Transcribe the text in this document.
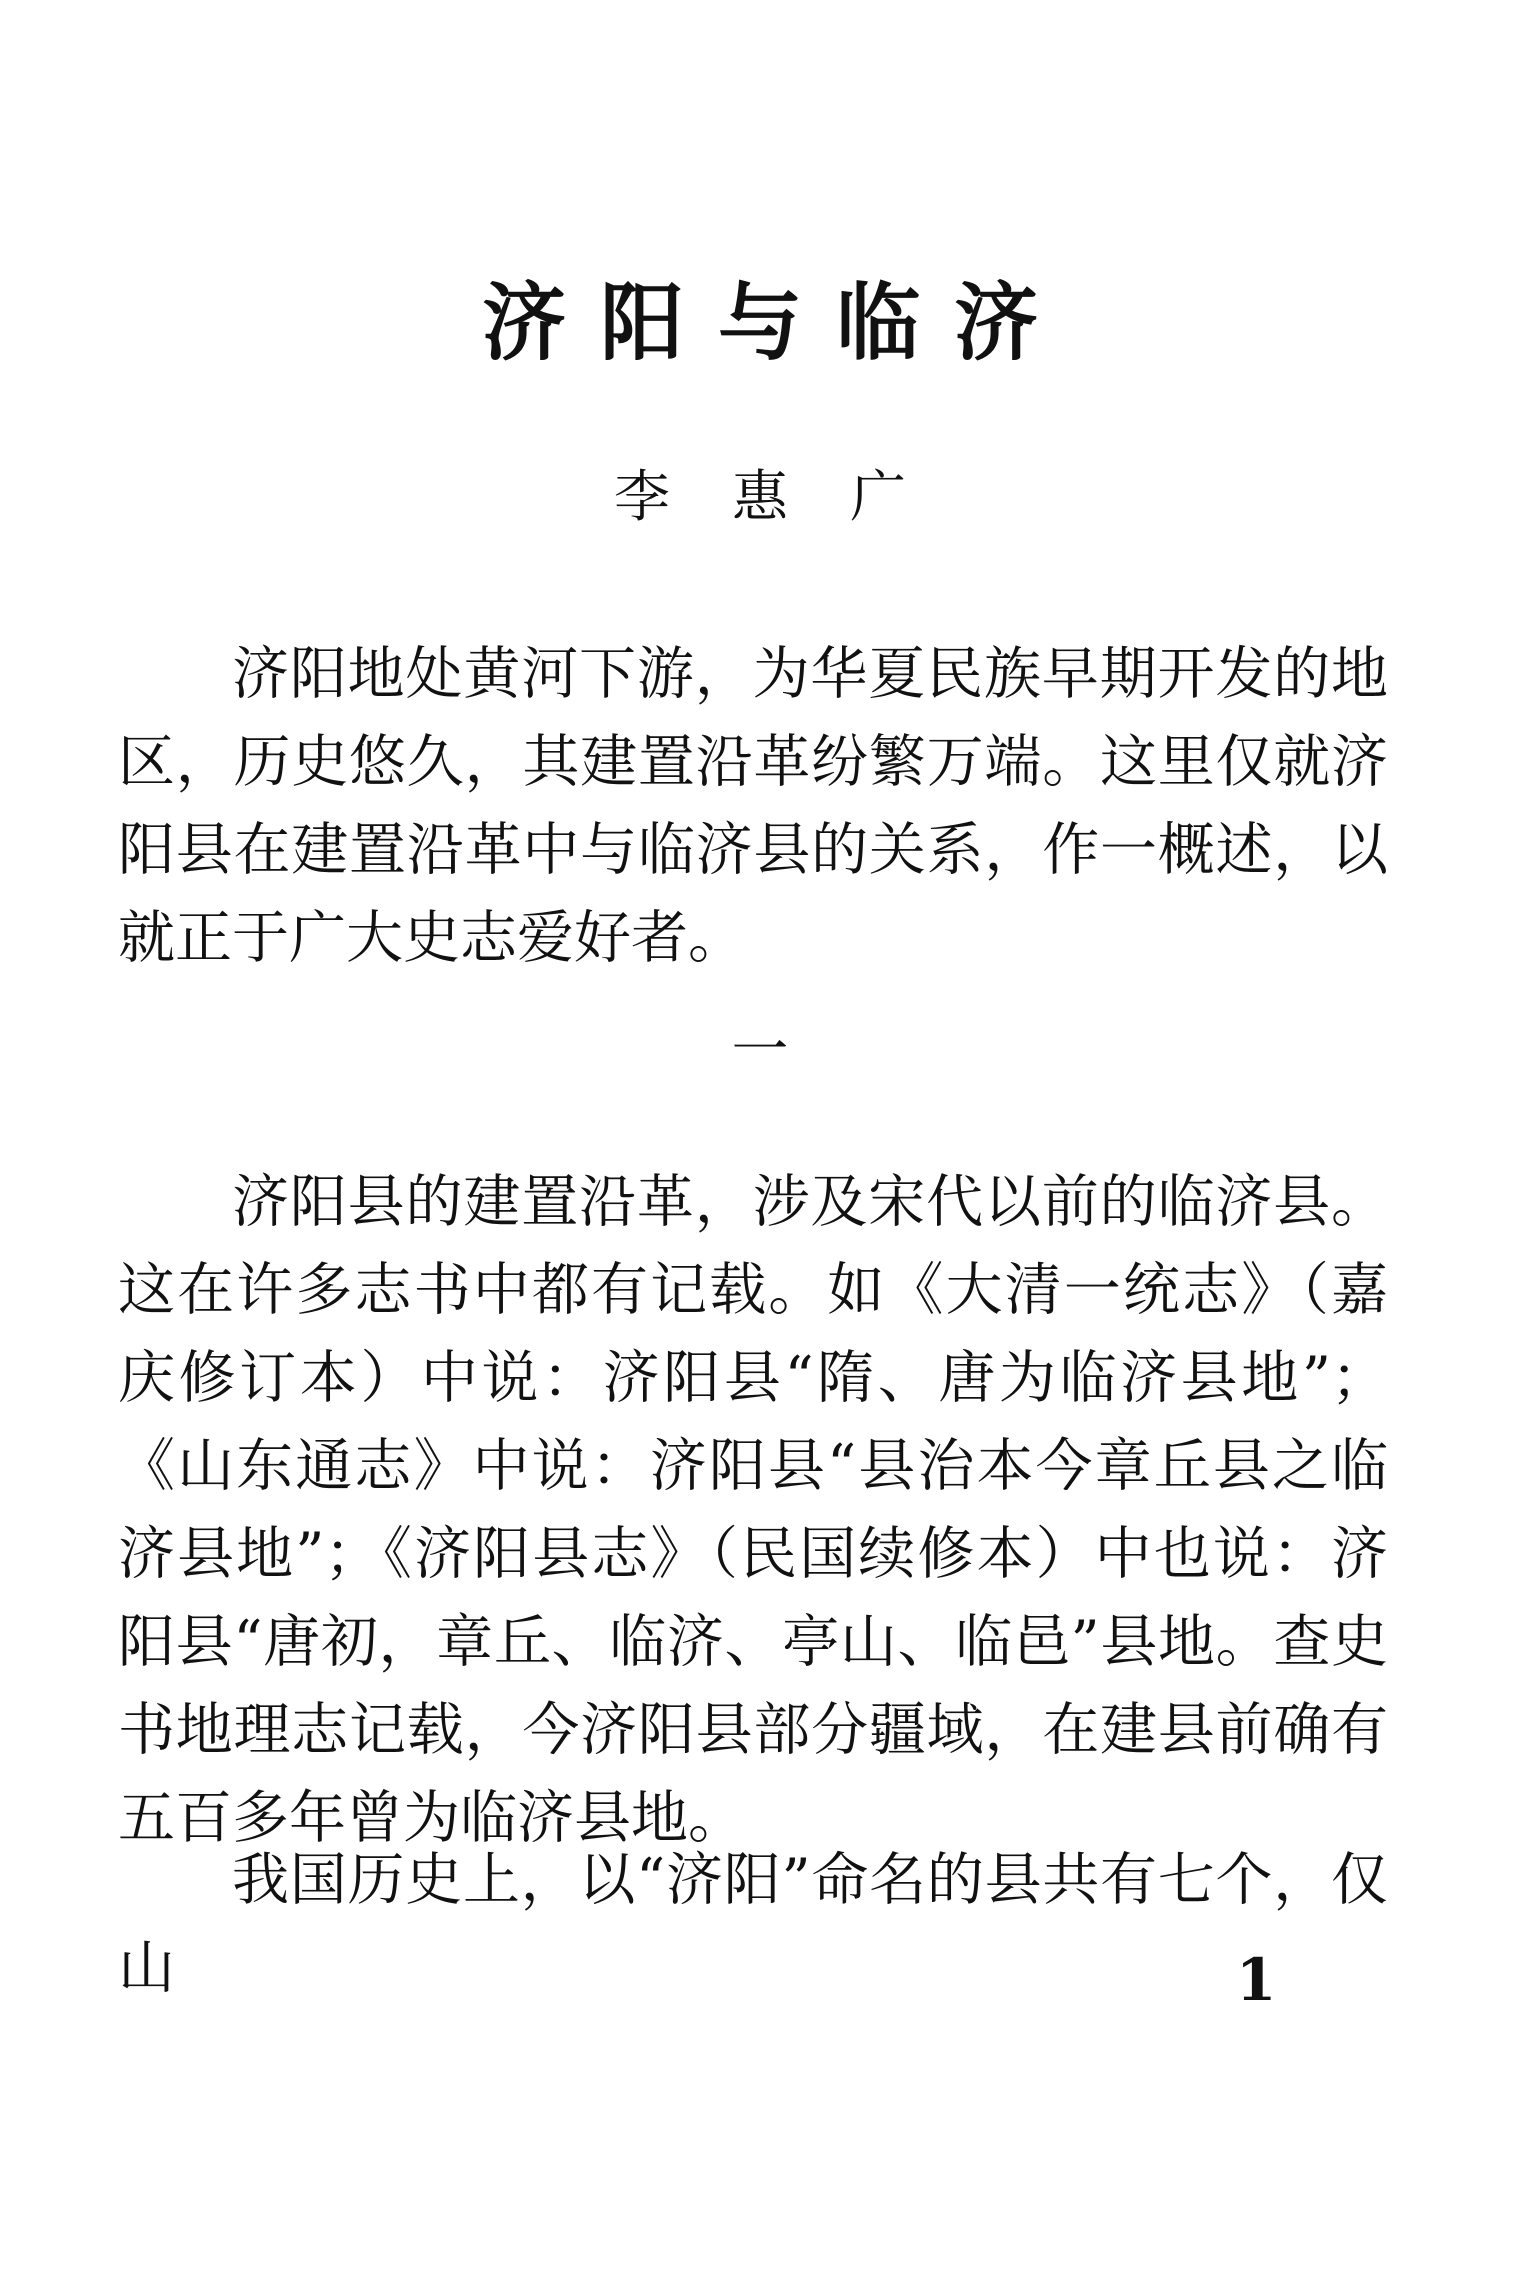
济阳与临济
李惠广

济阳地处黄河下游，为华夏民族早期开发的地区，历史悠久，其建置沿革纷繁万端。这里仅就济阳县在建置沿革中与临济县的关系，作一概述，以就正于广大史志爱好者。

一

济阳县的建置沿革，涉及宋代以前的临济县。这在许多志书中都有记载。如《大清一统志》（嘉庆修订本）中说：济阳县“隋、唐为临济县地”；《山东通志》中说：济阳县“县治本今章丘县之临济县地”；《济阳县志》（民国续修本）中也说：济阳县“唐初，章丘、临济、亭山、临邑”县地。查史书地理志记载，今济阳县部分疆域，在建县前确有五百多年曾为临济县地。

我国历史上，以“济阳”命名的县共有七个，仅山	1
